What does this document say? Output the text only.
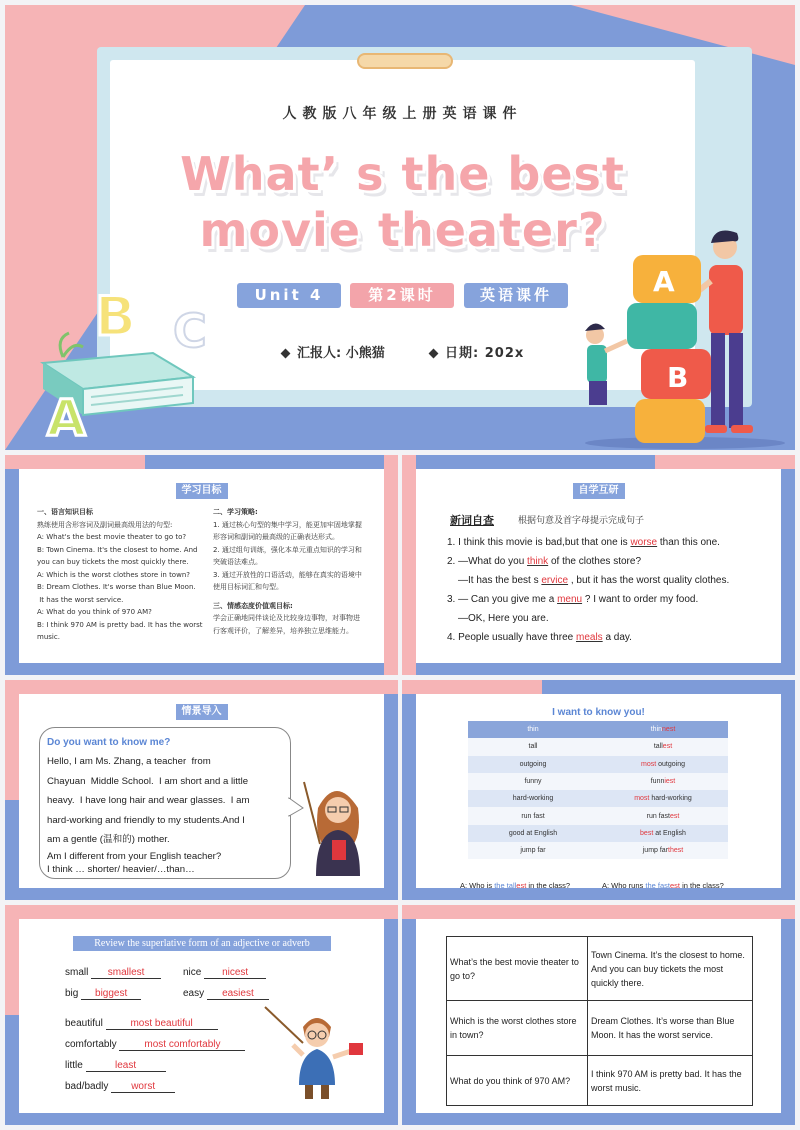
人教版八年级上册英语课件
What’ s the best
movie theater?
Unit 4	第2课时	英语课件
汇报人: 小熊猫	日期: 202x
B C
A
A
B
学习目标
一、语言知识目标
熟练使用含形容词及副词最高级用法的句型:
A: What's the best movie theater to go to?
B: Town Cinema. It's the closest to home. And
you can buy tickets the most quickly there.
A: Which is the worst clothes store in town?
B: Dream Clothes. It's worse than Blue Moon.
It has the worst service.
A: What do you think of 970 AM?
B: I think 970 AM is pretty bad. It has the worst
music.
二、学习策略:
1. 通过核心句型的集中学习，能更加牢固地掌握
形容词和副词的最高级的正确表达形式。
2. 通过组句训练，强化本单元重点知识的学习和
突破语法难点。
3. 通过开放性的口语活动，能够在真实的语境中
使用目标词汇和句型。
三、情感态度价值观目标:
学会正确地同伴谈论及比较身边事物，对事物进
行客观评价，了解差异，培养独立思维能力。
自学互研
新词自查	根据句意及首字母提示完成句子
1. I think this movie is bad,but that one is worse than this one.
2. —What do you think of the clothes store?
—It has the best s ervice , but it has the worst quality clothes.
3. — Can you give me a menu ? I want to order my food.
—OK, Here you are.
4. People usually have three meals a day.
情景导入
Do you want to know me?
Hello, I am Ms. Zhang, a teacher  from
Chayuan  Middle School.  I am short and a little
heavy.  I have long hair and wear glasses.  I am
hard-working and friendly to my students.And I
am a gentle (温和的) mother.
Am I different from your English teacher?
I think … shorter/ heavier/…than…
I want to know you!
thin	thinnest
tall	tallest
outgoing	most outgoing
funny	funniest
hard-working	most hard-working
run fast	run fastest
good at English	best at English
jump far	jump farthest

A: Who is the tallest in the class?

	A: Who runs the fastest in the class?

Review the superlative form of an adjective or adverb
small smallest	nice nicest
big biggest	easy easiest
beautiful	most beautiful
comfortably	most comfortably
little	least
bad/badly worst
What’s the best movie theater to go to?	Town Cinema. It’s the closest to home. And you can buy tickets the most quickly there.
Which is the worst clothes store in town?	Dream Clothes. It’s worse than Blue Moon. It has the worst service.
What do you think of 970 AM?	I think 970 AM is pretty bad. It has the worst music.
